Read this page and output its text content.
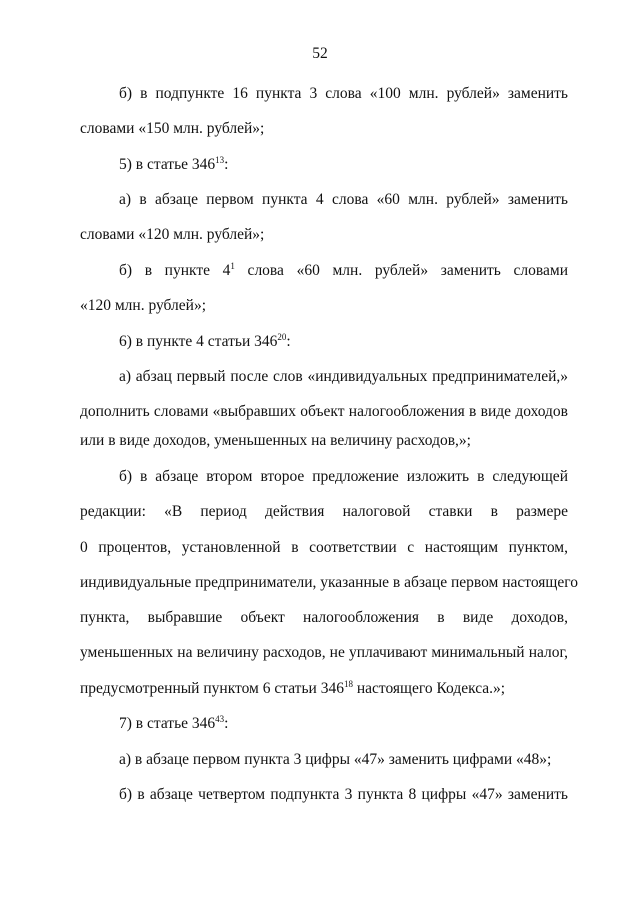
52
б) в подпункте 16 пункта 3 слова «100 млн. рублей» заменить
словами «150 млн. рублей»;
5) в статье $346^{13}$:
а) в абзаце первом пункта 4 слова «60 млн. рублей» заменить
словами «120 млн. рублей»;
б) в пункте $4^1$ слова «60 млн. рублей» заменить словами
«120 млн. рублей»;
6) в пункте 4 статьи $346^{20}$:
а) абзац первый после слов «индивидуальных предпринимателей,»
дополнить словами «выбравших объект налогообложения в виде доходов
или в виде доходов, уменьшенных на величину расходов,»;
б) в абзаце втором второе предложение изложить в следующей
редакции: «В период действия налоговой ставки в размере
0 процентов, установленной в соответствии с настоящим пунктом,
индивидуальные предприниматели, указанные в абзаце первом настоящего
пункта, выбравшие объект налогообложения в виде доходов,
уменьшенных на величину расходов, не уплачивают минимальный налог,
предусмотренный пунктом 6 статьи $346^{18}$ настоящего Кодекса.»;
7) в статье $346^{43}$:
а) в абзаце первом пункта 3 цифры «47» заменить цифрами «48»;
б) в абзаце четвертом подпункта 3 пункта 8 цифры «47» заменить
